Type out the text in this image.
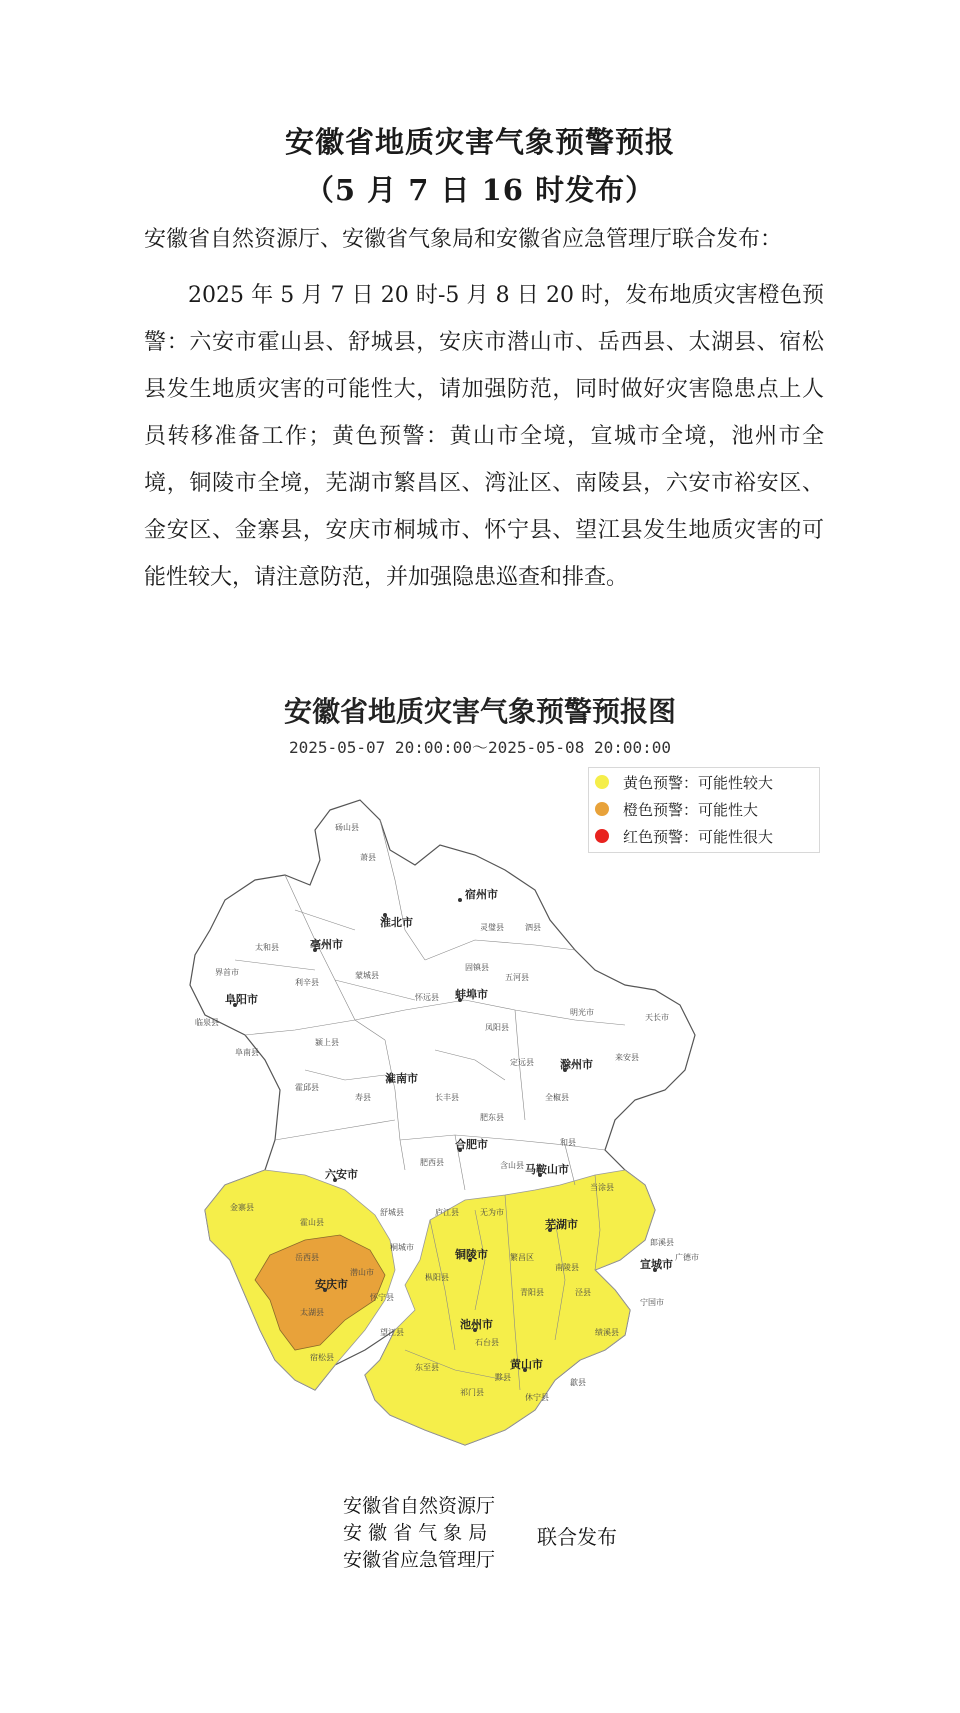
安徽省地质灾害气象预警预报
（5 月 7 日 16 时发布）
安徽省自然资源厅、安徽省气象局和安徽省应急管理厅联合发布：
2025 年 5 月 7 日 20 时-5 月 8 日 20 时，发布地质灾害橙色预警：六安市霍山县、舒城县，安庆市潜山市、岳西县、太湖县、宿松县发生地质灾害的可能性大，请加强防范，同时做好灾害隐患点上人员转移准备工作；黄色预警：黄山市全境，宣城市全境，池州市全境，铜陵市全境，芜湖市繁昌区、湾沚区、南陵县，六安市裕安区、金安区、金寨县，安庆市桐城市、怀宁县、望江县发生地质灾害的可能性较大，请注意防范，并加强隐患巡查和排查。
安徽省地质灾害气象预警预报图
2025-05-07 20:00:00～2025-05-08 20:00:00
宿州市
淮北市
亳州市
阜阳市	蚌埠市
淮南市
滁州市
六安市
合肥市
马鞍山市
芜湖市
铜陵市
安庆市
池州市
宣城市
黄山市
砀山县
萧县
利辛县
蒙城县	五河县
泗县
灵璧县
固镇县
怀远县
凤阳县
定远县
明光市
天长市
寿县
霍邱县
金寨县
霍山县
舒城县	庐江县	无为市
含山县
和县
当涂县
郎溪县
广德市
宁国市
泾县
绩溪县
歙县
休宁县
祁门县
黟县
石台县
青阳县
东至县
岳西县
潜山市
太湖县
宿松县
望江县
怀宁县
桐城市
枞阳县
南陵县
繁昌区
界首市
太和县
临泉县
阜南县
颍上县
肥西县
肥东县
长丰县	全椒县
来安县
黄色预警：可能性较大
橙色预警：可能性大
红色预警：可能性很大
安徽省自然资源厅
安 徽 省 气 象 局
安徽省应急管理厅
联合发布
